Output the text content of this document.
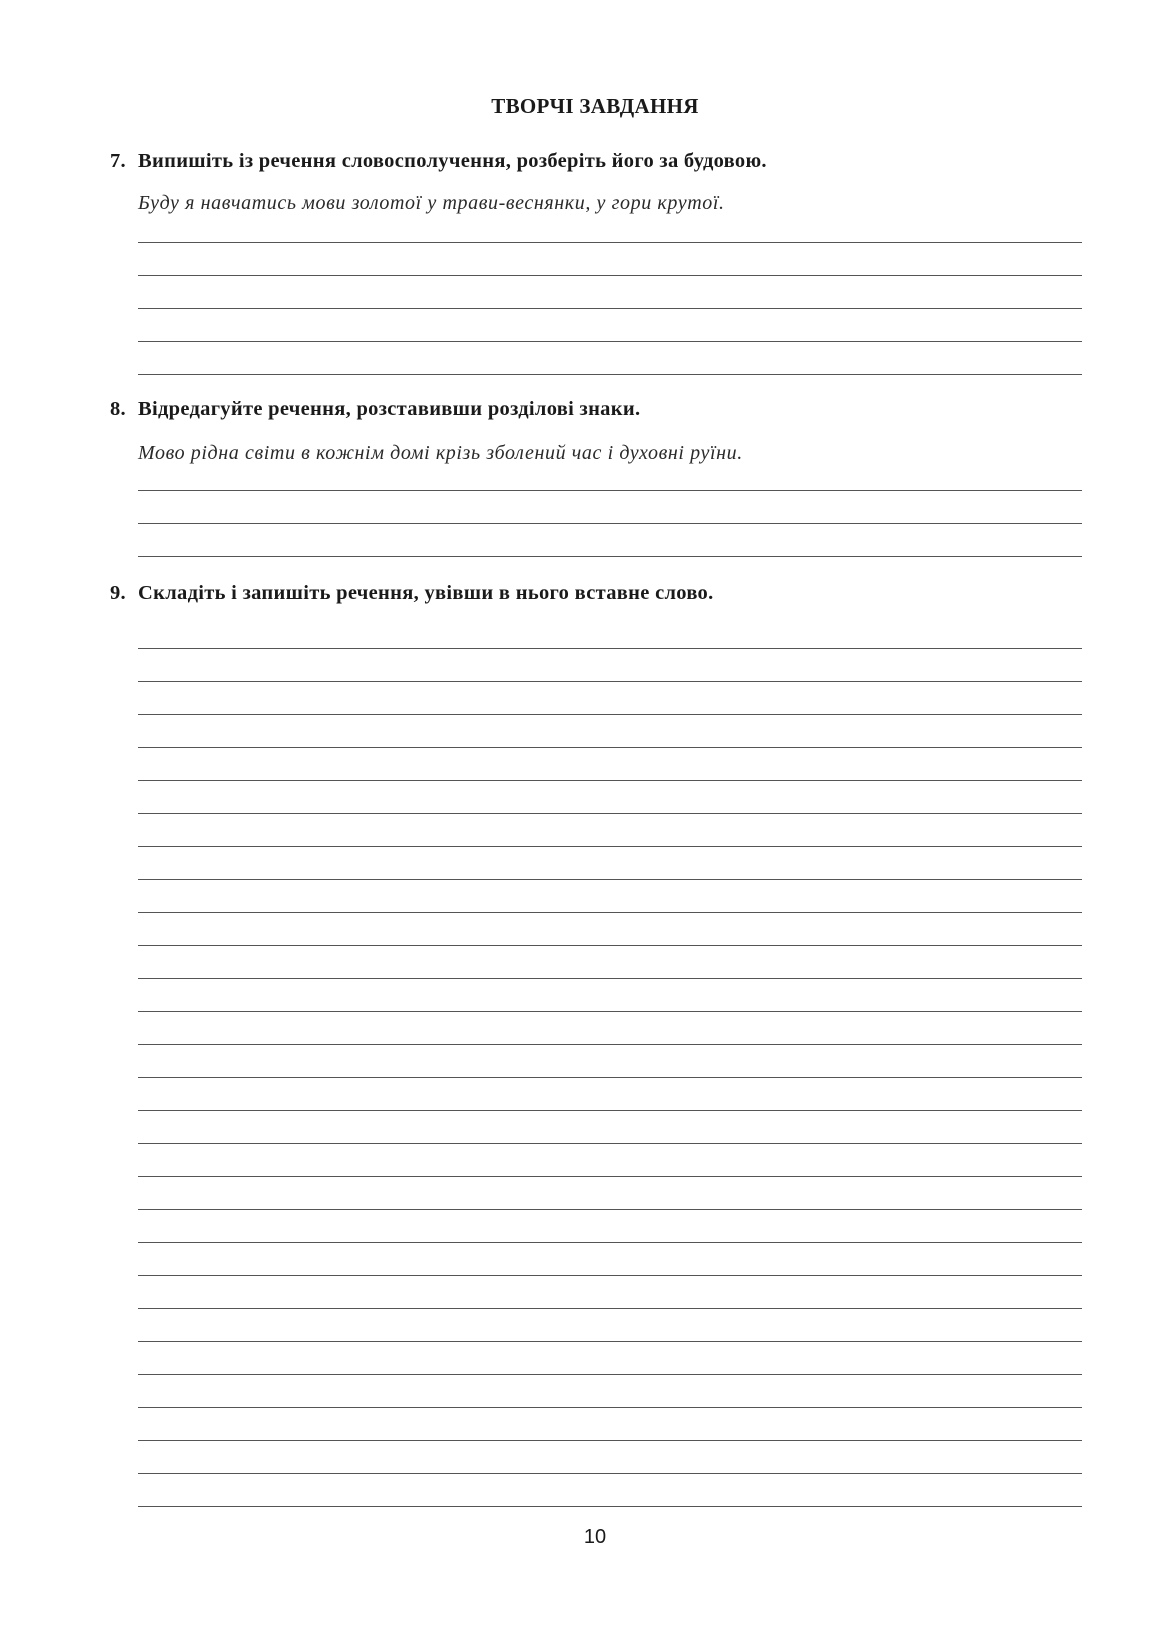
ТВОРЧІ ЗАВДАННЯ
7. Випишіть із речення словосполучення, розберіть його за будовою.
Буду я навчатись мови золотої у трави-веснянки, у гори крутої.
8. Відредагуйте речення, розставивши розділові знаки.
Мово рідна світи в кожнім домі крізь зболений час і духовні руїни.
9. Складіть і запишіть речення, увівши в нього вставне слово.
10
